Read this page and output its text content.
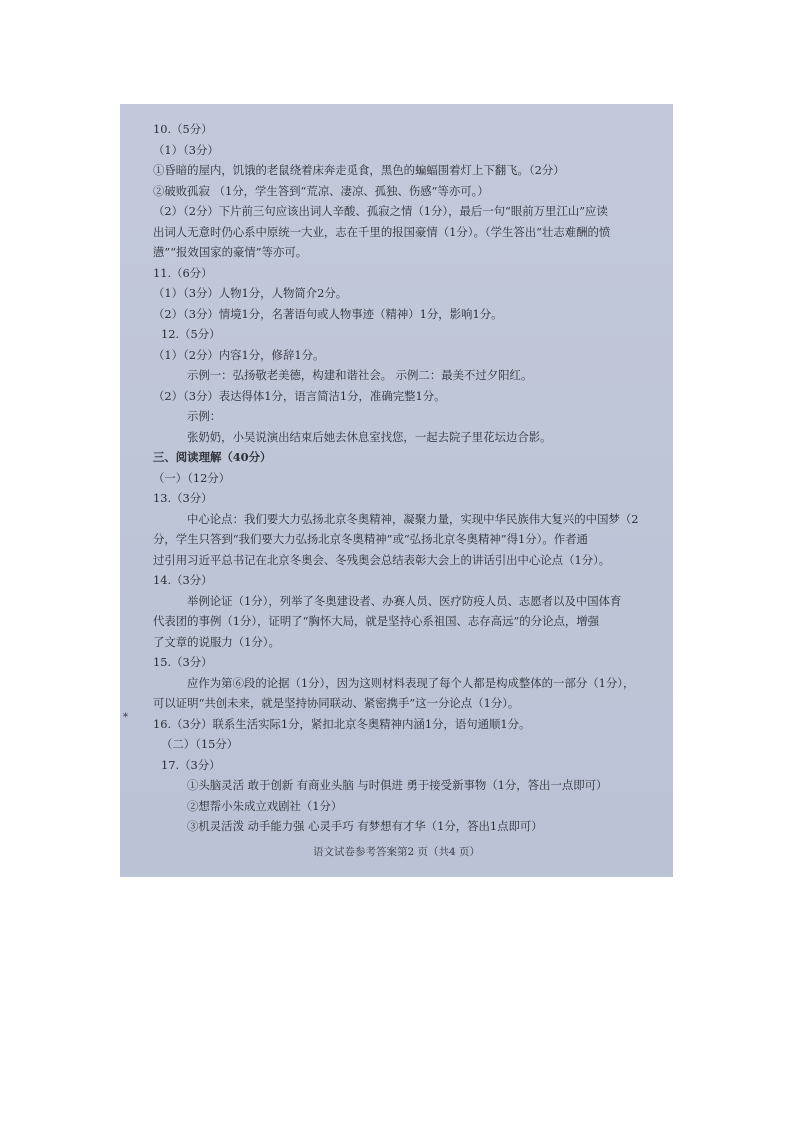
10.（5分）
（1）（3分）
①昏暗的屋内，饥饿的老鼠绕着床奔走觅食，黑色的蝙蝠围着灯上下翻飞。（2分）
②破败孤寂 （1分，学生答到“荒凉、凄凉、孤独、伤感”等亦可。）
（2）（2分）下片前三句应该出词人辛酸、孤寂之情（1分），最后一句“眼前万里江山”应读
出词人无意时仍心系中原统一大业，志在千里的报国豪情（1分）。（学生答出“壮志难酬的愤
懑”“报效国家的豪情”等亦可。
11.（6分）
（1）（3分）人物1分，人物简介2分。
（2）（3分）情境1分，名著语句或人物事迹（精神）1分，影响1分。
12.（5分）
（1）（2分）内容1分，修辞1分。
示例一：弘扬敬老美德，构建和谐社会。 示例二：最美不过夕阳红。
（2）（3分）表达得体1分，语言简洁1分，准确完整1分。
示例：
张奶奶，小吴说演出结束后她去休息室找您，一起去院子里花坛边合影。
三、阅读理解（40分）
（一）（12分）
13.（3分）
中心论点：我们要大力弘扬北京冬奥精神，凝聚力量，实现中华民族伟大复兴的中国梦（2
分，学生只答到“我们要大力弘扬北京冬奥精神”或“弘扬北京冬奥精神”得1分）。作者通
过引用习近平总书记在北京冬奥会、冬残奥会总结表彰大会上的讲话引出中心论点（1分）。
14.（3分）
举例论证（1分），列举了冬奥建设者、办赛人员、医疗防疫人员、志愿者以及中国体育
代表团的事例（1分），证明了“胸怀大局，就是坚持心系祖国、志存高远”的分论点，增强
了文章的说服力（1分）。
15.（3分）
应作为第⑥段的论据（1分），因为这则材料表现了每个人都是构成整体的一部分（1分），
可以证明“共创未来，就是坚持协同联动、紧密携手”这一分论点（1分）。
16.（3分）联系生活实际1分，紧扣北京冬奥精神内涵1分，语句通顺1分。
（二）（15分）
17.（3分）
①头脑灵活 敢于创新 有商业头脑 与时俱进 勇于接受新事物（1分，答出一点即可）
②想帮小朱成立戏剧社（1分）
③机灵活泼 动手能力强 心灵手巧 有梦想有才华（1分，答出1点即可）
*
语文试卷参考答案第2 页（共4 页）
